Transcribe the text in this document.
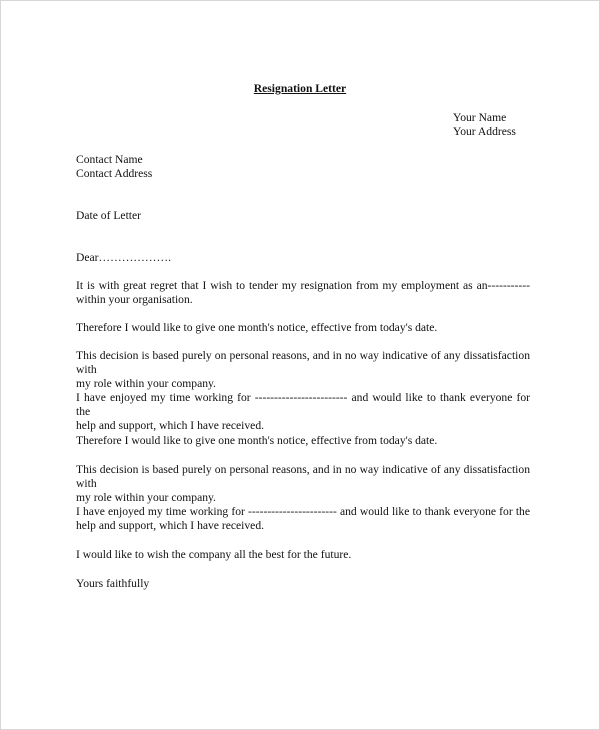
Resignation Letter
Your Name
Your Address
Contact Name
Contact Address
Date of Letter
Dear……………….
It is with great regret that I wish to tender my resignation from my employment as an-----------
within your organisation.
Therefore I would like to give one month's notice, effective from today's date.
This decision is based purely on personal reasons, and in no way indicative of any dissatisfaction with
my role within your company.
I have enjoyed my time working for ------------------------ and would like to thank everyone for the
help and support, which I have received.
Therefore I would like to give one month's notice, effective from today's date.
This decision is based purely on personal reasons, and in no way indicative of any dissatisfaction with
my role within your company.
I have enjoyed my time working for ----------------------- and would like to thank everyone for the
help and support, which I have received.
I would like to wish the company all the best for the future.
Yours faithfully
